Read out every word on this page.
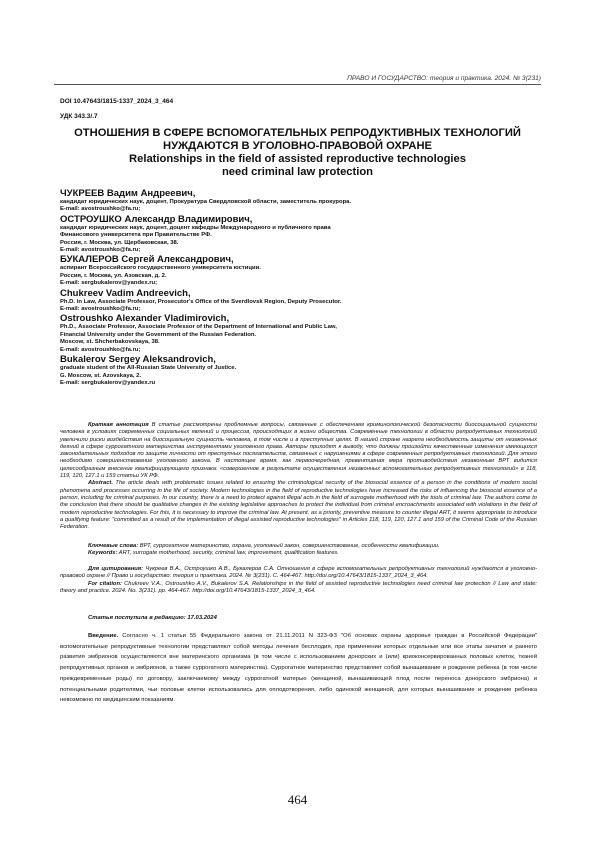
ПРАВО И ГОСУДАРСТВО: теория и практика. 2024. № 3(231)
DOI 10.47643/1815-1337_2024_3_464
УДК 343.3/.7
ОТНОШЕНИЯ В СФЕРЕ ВСПОМОГАТЕЛЬНЫХ РЕПРОДУКТИВНЫХ ТЕХНОЛОГИЙ
НУЖДАЮТСЯ В УГОЛОВНО-ПРАВОВОЙ ОХРАНЕ
Relationships in the field of assisted reproductive technologies
need criminal law protection
ЧУКРЕЕВ Вадим Андреевич,
кандидат юридических наук, доцент, Прокуратура Свердловской области, заместитель прокурора.
E-mail: avostroushko@fa.ru;
ОСТРОУШКО Александр Владимирович,
кандидат юридических наук, доцент, доцент кафедры Международного и публичного права
Финансового университета при Правительстве РФ.
Россия, г. Москва, ул. Щербаковская, 38.
E-mail: avostroushko@fa.ru;
БУКАЛЕРОВ Сергей Александрович,
аспирант Всероссийского государственного университета юстиции.
Россия, г. Москва, ул. Азовская, д. 2.
E-mail: sergbukalerov@yandex.ru;
Chukreev Vadim Andreevich,
Ph.D. in Law, Associate Professor, Prosecutor's Office of the Sverdlovsk Region, Deputy Prosecutor.
E-mail: avostroushko@fa.ru;
Ostroushko Alexander Vladimirovich,
Ph.D., Associate Professor, Associate Professor of the Department of International and Public Law,
Financial University under the Government of the Russian Federation.
Moscow, st. Shcherbakovskaya, 38.
E-mail: avostroushko@fa.ru;
Bukalerov Sergey Aleksandrovich,
graduate student of the All-Russian State University of Justice.
G. Moscow, st. Azovskaya, 2.
E-mail: sergbukalerov@yandex.ru

Краткая аннотация В статье рассмотрены проблемные вопросы, связанные с обеспечением криминологической безопасности биосоциальной сущности человека в условиях современных социальных явлений и процессов, происходящих в жизни общества. Современные технологии в области репродуктивных технологий увеличили риски воздействия на биосоциальную сущность человека, в том числе и в преступных целях. В нашей стране назрела необходимость защиты от незаконных деяний в сфере суррогатного материнства инструментами уголовного права. Авторы приходят к выводу, что должны произойти качественные изменения имеющихся законодательных подходов по защите личности от преступных посягательств, связанных с нарушениями в сфере современных репродуктивных технологий. Для этого необходимо совершенствование уголовного закона. В настоящее время, как первоочередная, превентивная мера противодействия незаконным ВРТ видится целесообразным внесение квалифицирующего признака: «совершенное в результате осуществления незаконных вспомогательных репродуктивных технологий» в 118, 119, 120, 127.1 и 159 статьи УК РФ.

Abstract. The article deals with problematic issues related to ensuring the criminological security of the biosocial essence of a person in the conditions of modern social phenomena and processes occurring in the life of society. Modern technologies in the field of reproductive technologies have increased the risks of influencing the biosocial essence of a person, including for criminal purposes. In our country, there is a need to protect against illegal acts in the field of surrogate motherhood with the tools of criminal law. The authors come to the conclusion that there should be qualitative changes in the existing legislative approaches to protect the individual from criminal encroachments associated with violations in the field of modern reproductive technologies. For this, it is necessary to improve the criminal law. At present, as a priority, preventive measure to counter illegal ART, it seems appropriate to introduce a qualifying feature: "committed as a result of the implementation of illegal assisted reproductive technologies" in Articles 118, 119, 120, 127.1 and 159 of the Criminal Code of the Russian Federation.

Ключевые слова: ВРТ, суррогатное материнство, охрана, уголовный закон, совершенствование, особенности квалификации.

Keywords: ART, surrogate motherhood, security, criminal law, improvement, qualification features.

Для цитирования: Чукреев В.А., Остроушко А.В., Букалеров С.А. Отношения в сфере вспомогательных репродуктивных технологий нуждаются в уголовно-правовой охране // Право и государство: теория и практика. 2024. № 3(231). С. 464-467. http://doi.org/10.47643/1815-1337_2024_3_464.

For citation: Chukreev V.A., Ostroushko A.V., Bukalerov S.A. Relationships in the field of assisted reproductive technologies need criminal law protection // Law and state: theory and practice. 2024. No. 3(231). pp. 464-467. http://doi.org/10.47643/1815-1337_2024_3_464.

Статья поступила в редакцию: 17.03.2024

Введение. Согласно ч. 1 статьи 55 Федерального закона от 21.11.2011 N 323-ФЗ "Об основах охраны здоровья граждан в Российской Федерации" вспомогательные репродуктивные технологии представляют собой методы лечения бесплодия, при применении которых отдельные или все этапы зачатия и раннего развития эмбрионов осуществляются вне материнского организма (в том числе с использованием донорских и (или) криоконсервированных половых клеток, тканей репродуктивных органов и эмбрионов, а также суррогатного материнства). Суррогатное материнство представляет собой вынашивание и рождение ребенка (в том числе преждевременные роды) по договору, заключаемому между суррогатной матерью (женщиной, вынашивающей плод после переноса донорского эмбриона) и потенциальными родителями, чьи половые клетки использовались для оплодотворения, либо одинокой женщиной, для которых вынашивание и рождение ребенка невозможно по медицинским показаниям.

464
